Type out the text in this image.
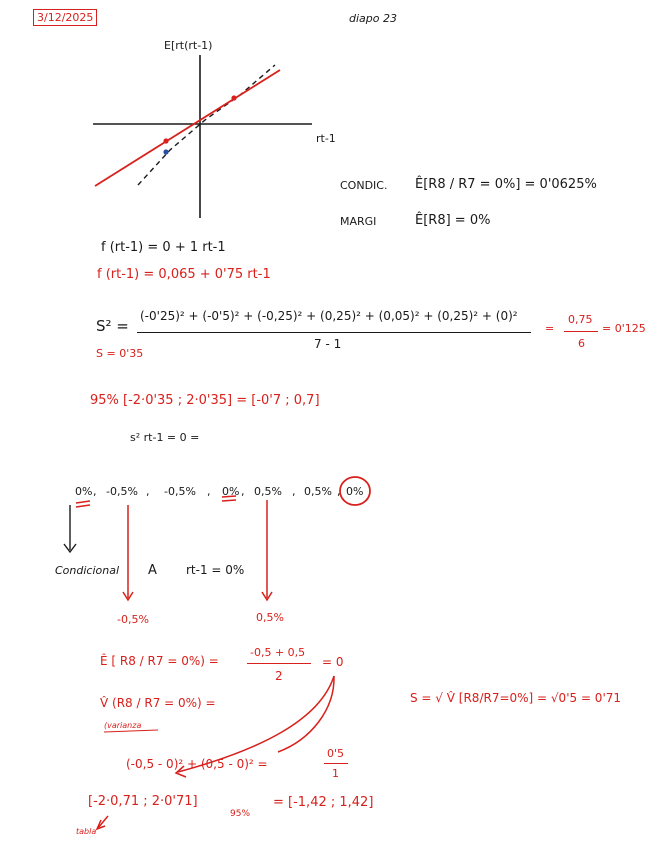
3/12/2025	diapo 23
E[rt(rt-1)
rt-1
CONDIC. Ê[R8 / R7 = 0%] = 0'0625%
MARGI	Ê[R8] = 0%
f (rt-1) = 0 + 1 rt-1
f (rt-1) = 0,065 + 0'75 rt-1
S² =
(-0'25)² + (-0'5)² + (-0,25)² + (0,25)² + (0,05)² + (0,25)² + (0)²
7 - 1
=
0,75
6
= 0'125
S = 0'35
95% [-2·0'35 ; 2·0'35] = [-0'7 ; 0,7]
s² rt-1 = 0 =
0% , -0,5% , -0,5% , 0% , 0,5% , 0,5% , 0%
Condicional A rt-1 = 0%
-0,5%	0,5%
Ê [ R8 / R7 = 0%) =
-0,5 + 0,5
2
= 0
V̂ (R8 / R7 = 0%) =
(varianza
S = √ V̂ [R8/R7=0%] = √0'5 = 0'71
(-0,5 - 0)² + (0,5 - 0)² =
0'5
1
[-2·0,71 ; 2·0'71]
95%
= [-1,42 ; 1,42]
tabla
